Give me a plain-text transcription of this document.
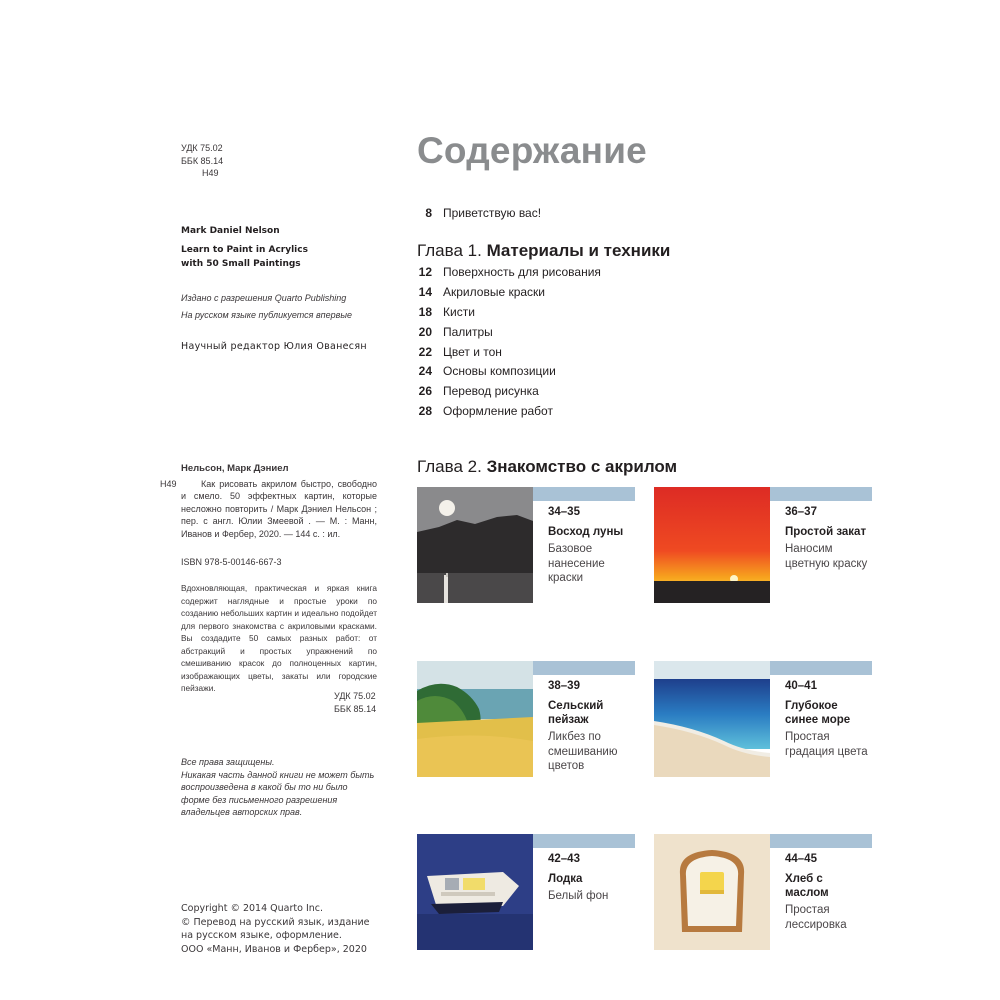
УДК 75.02
ББК 85.14
Н49
Mark Daniel Nelson
Learn to Paint in Acrylics
with 50 Small Paintings
Издано с разрешения Quarto Publishing
На русском языке публикуется впервые
Научный редактор Юлия Ованесян
Нельсон, Марк Дэниел
Н49	Как рисовать акрилом быстро, свободно и смело. 50 эффектных картин, которые несложно повторить / Марк Дэниел Нельсон ; пер. с англ. Юлии Змеевой . — М. : Манн, Иванов и Фербер, 2020. — 144 с. : ил.
ISBN 978-5-00146-667-3
Вдохновляющая, практическая и яркая книга содержит наглядные и простые уроки по созданию небольших картин и идеально подойдет для первого знакомства с акриловыми красками. Вы создадите 50 самых разных работ: от абстракций и простых упражнений по смешиванию красок до полноценных картин, изображающих цветы, закаты или городские пейзажи.
УДК 75.02
ББК 85.14
Все права защищены.
Никакая часть данной книги не может быть воспроизведена в какой бы то ни было форме без письменного разрешения владельцев авторских прав.
Copyright © 2014 Quarto Inc.
© Перевод на русский язык, издание
на русском языке, оформление.
ООО «Манн, Иванов и Фербер», 2020
Содержание
8 Приветствую вас!
Глава 1. Материалы и техники
12 Поверхность для рисования
14 Акриловые краски
18 Кисти
20 Палитры
22 Цвет и тон
24 Основы композиции
26 Перевод рисунка
28 Оформление работ
Глава 2. Знакомство с акрилом
34–35
Восход луны
Базовое нанесение краски
36–37
Простой закат
Наносим цветную краску
38–39
Сельский пейзаж
Ликбез по смешиванию цветов
40–41
Глубокое синее море
Простая градация цвета
42–43
Лодка
Белый фон
44–45
Хлеб с маслом
Простая лессировка
